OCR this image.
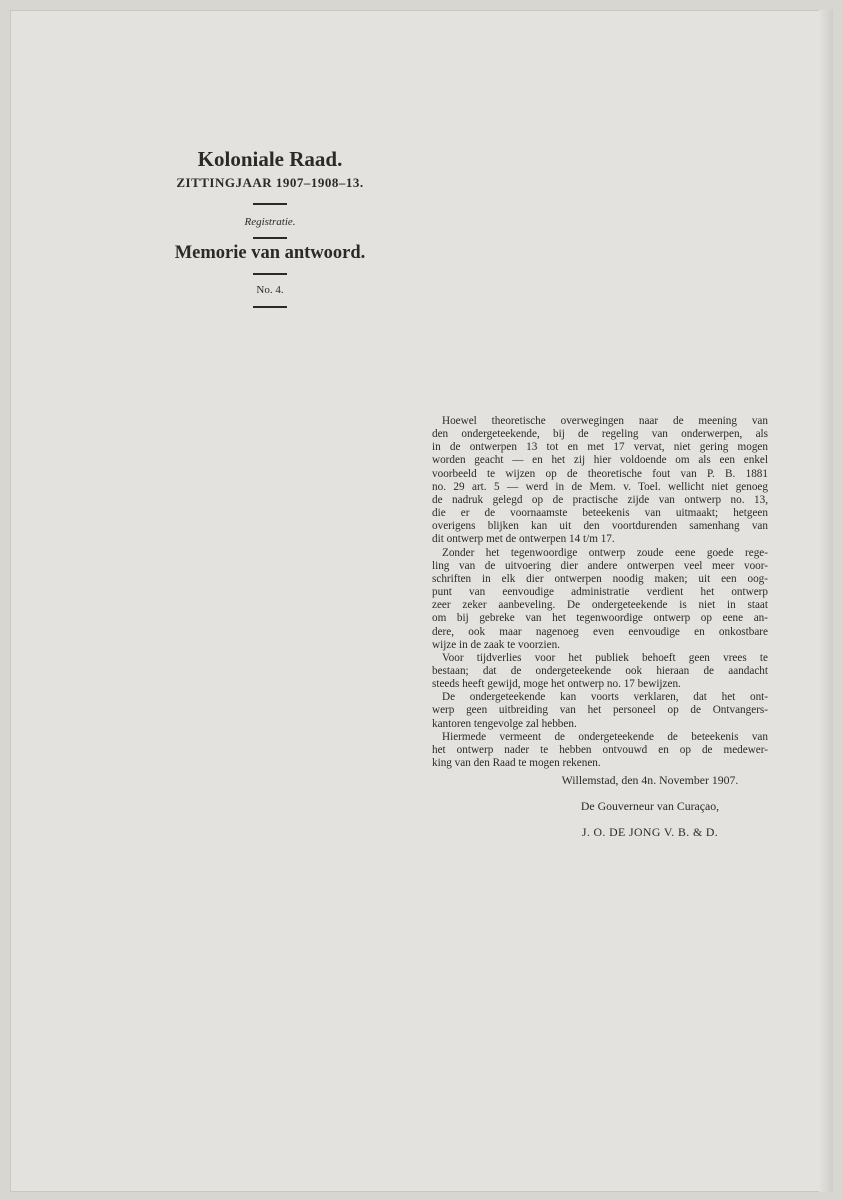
Koloniale Raad.

ZITTINGJAAR 1907–1908–13.

Registratie.

Memorie van antwoord.

No. 4.

Hoewel theoretische overwegingen naar de meening van
den ondergeteekende, bij de regeling van onderwerpen, als
in de ontwerpen 13 tot en met 17 vervat, niet gering mogen
worden geacht — en het zij hier voldoende om als een enkel
voorbeeld te wijzen op de theoretische fout van P. B. 1881
no. 29 art. 5 — werd in de Mem. v. Toel. wellicht niet genoeg
de nadruk gelegd op de practische zijde van ontwerp no. 13,
die er de voornaamste beteekenis van uitmaakt; hetgeen
overigens blijken kan uit den voortdurenden samenhang van
dit ontwerp met de ontwerpen 14 t/m 17.

Zonder het tegenwoordige ontwerp zoude eene goede rege-
ling van de uitvoering dier andere ontwerpen veel meer voor-
schriften in elk dier ontwerpen noodig maken; uit een oog-
punt van eenvoudige administratie verdient het ontwerp
zeer zeker aanbeveling. De ondergeteekende is niet in staat
om bij gebreke van het tegenwoordige ontwerp op eene an-
dere, ook maar nagenoeg even eenvoudige en onkostbare
wijze in de zaak te voorzien.

Voor tijdverlies voor het publiek behoeft geen vrees te
bestaan; dat de ondergeteekende ook hieraan de aandacht
steeds heeft gewijd, moge het ontwerp no. 17 bewijzen.

De ondergeteekende kan voorts verklaren, dat het ont-
werp geen uitbreiding van het personeel op de Ontvangers-
kantoren tengevolge zal hebben.

Hiermede vermeent de ondergeteekende de beteekenis van
het ontwerp nader te hebben ontvouwd en op de medewer-
king van den Raad te mogen rekenen.

Willemstad, den 4n. November 1907.
De Gouverneur van Curaçao,
J. O. DE JONG V. B. & D.
